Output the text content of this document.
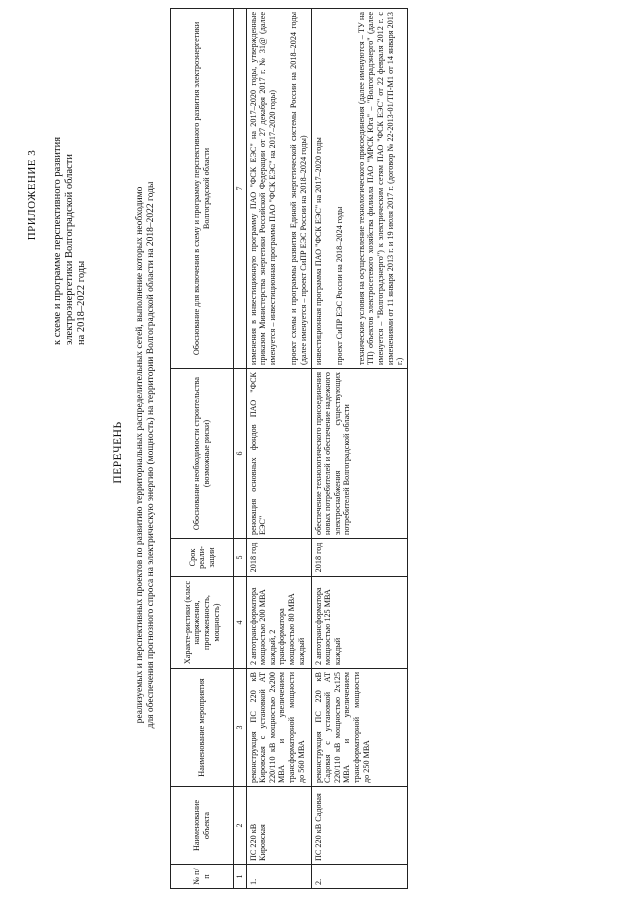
ПРИЛОЖЕНИЕ 3 к схеме и программе перспективного развития электроэнергетики Волгоградской области на 2018–2022 годы
ПЕРЕЧЕНЬ реализуемых и перспективных проектов по развитию территориальных распределительных сетей, выполнение которых необходимо для обеспечения прогнозного спроса на электрическую энергию (мощность) на территории Волгоградской области на 2018–2022 годы
№ п/п	Наименование объекта	Наименование мероприятия	Характе-ристики (класс напряжения, протяженность, мощность)	Срок реали-зации	Обоснование необходимости строительства (возможные риски)	Обоснование для включения в схему и программу перспективного развития электроэнергетики Волгоградской области
1	2	3	4	5	6	7
1.	ПС 220 кВ Кировская	реконструкция ПС 220 кВ Кировская с установкой АТ 220/110 кВ мощностью 2х200 МВА и увеличением трансформаторной мощности до 560 МВА	2 автотрансформатора мощностью 200 МВА каждый, 2 трансформатора мощностью 80 МВА каждый	2018 год	реновация основных фондов ПАО "ФСК ЕЭС"	изменения в инвестиционную программу ПАО "ФСК ЕЭС" на 2017–2020 годы, утвержденные приказом Министерства энергетики Российской Федерации от 27 декабря 2017 г. № 31@ (далее именуется – инвестиционная программа ПАО "ФСК ЕЭС" на 2017–2020 годы) проект схемы и программы развития Единой энергетической системы России на 2018–2024 годы (далее именуется – проект СиПР ЕЭС России на 2018–2024 годы)

2.	ПС 220 кВ Садовая	реконструкция ПС 220 кВ Садовая с установкой АТ 220/110 кВ мощностью 2х125 МВА и увеличением трансформаторной мощности до 250 МВА	2 автотрансформатора мощностью 125 МВА каждый	2018 год	обеспечение технологического присоединения новых потребителей и обеспечение надежного электроснабжения существующих потребителей Волгоградской области	инвестиционная программа ПАО "ФСК ЕЭС" на 2017–2020 годы проект СиПР ЕЭС России на 2018–2024 годы технические условия на осуществление технологического присоединения (далее именуются – ТУ на ТП) объектов электросетевого хозяйства филиала ПАО "МРСК Юга" – "Волгоградэнерго" (далее именуется – "Волгоградэнерго") к электрическим сетям ПАО "ФСК ЕЭС" от 22 февраля 2012 г. с изменениями от 11 января 2013 г. и 19 июля 2017 г. (договор № 22-2013-01/ТП-М1 от 14 января 2013 г.)
